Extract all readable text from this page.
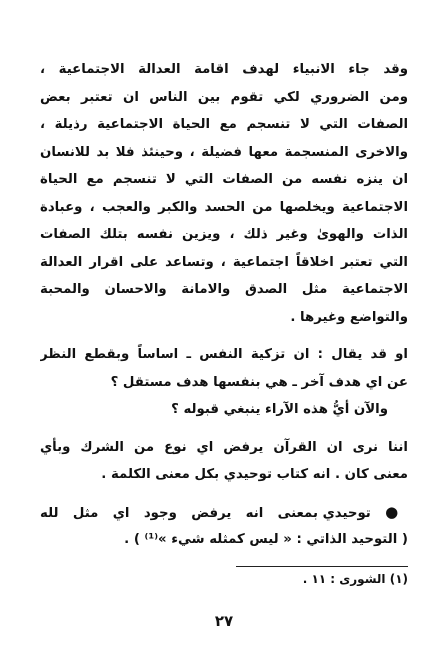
وقد جاء الانبياء لهدف اقامة العدالة الاجتماعية ،
ومن الضروري لكي تقوم بين الناس ان تعتبر بعض
الصفات التي لا تنسجم مع الحياة الاجتماعية رذيلة ،
والاخرى المنسجمة معها فضيلة ، وحينئذ فلا بد للانسان
ان ينزه نفسه من الصفات التي لا تنسجم مع الحياة
الاجتماعية ويخلصها من الحسد والكبر والعجب ، وعبادة
الذات والهوىٰ وغير ذلك ، ويزين نفسه بتلك الصفات
التي تعتبر اخلاقاً اجتماعية ، وتساعد على اقرار العدالة
الاجتماعية مثل الصدق والامانة والاحسان والمحبة
والتواضع وغيرها .
او قد يقال : ان تزكية النفس ـ اساساً وبقطع النظر
عن اي هدف آخر ـ هي بنفسها هدف مستقل ؟
والآن أيُّ هذه الآراء ينبغي قبوله ؟
اننا نرى ان القرآن يرفض اي نوع من الشرك وبأي
معنى كان . انه كتاب توحيدي بكل معنى الكلمة .
● توحيدي بمعنى انه يرفض وجود اي مثل لله
( التوحيد الذاتي : « ليس كمثله شيء »⁽¹⁾ ) .
(١) الشورى : ١١ .
٢٧
